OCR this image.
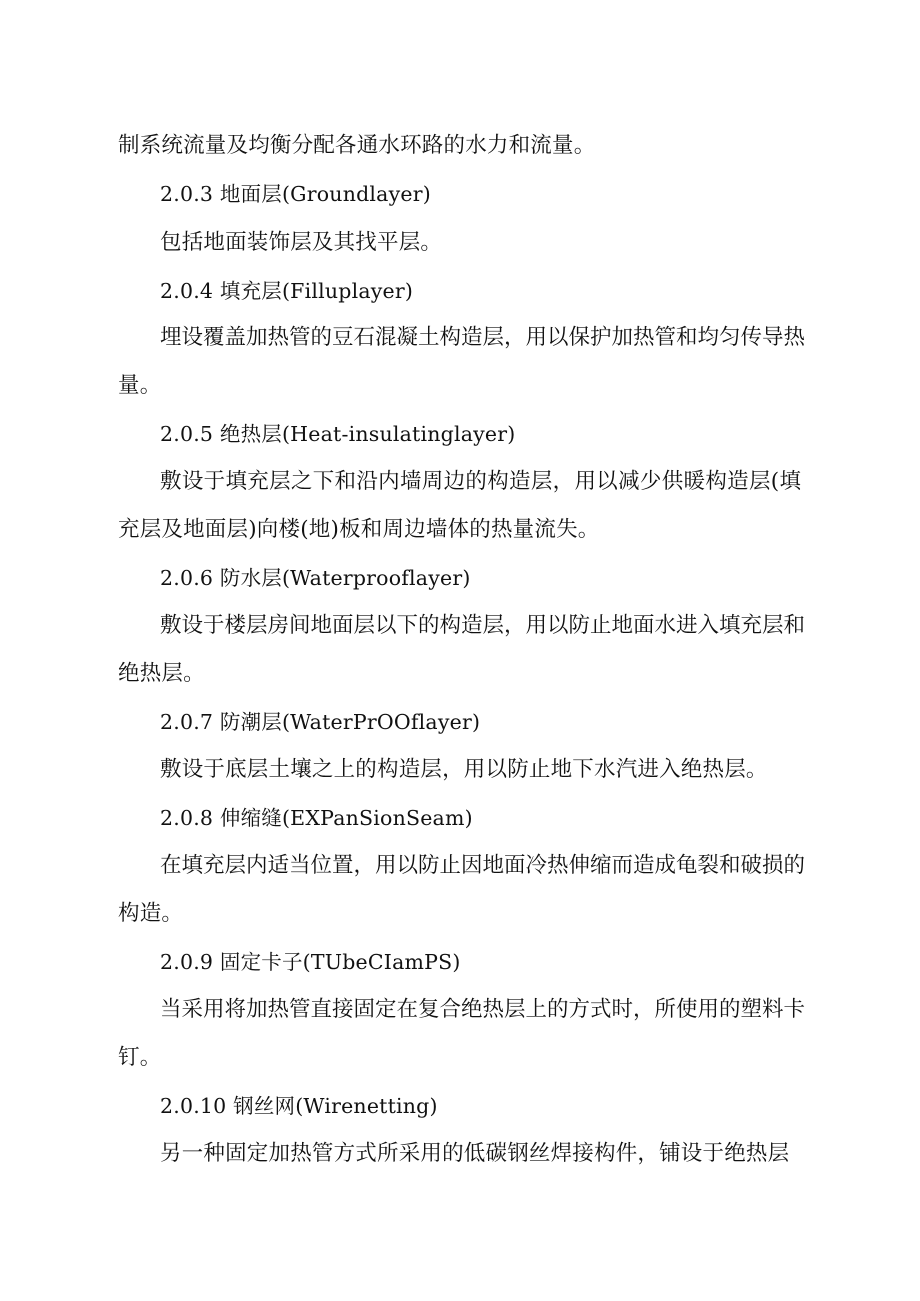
制系统流量及均衡分配各通水环路的水力和流量。
2.0.3 地面层(Groundlayer)
包括地面装饰层及其找平层。
2.0.4 填充层(Filluplayer)
埋设覆盖加热管的豆石混凝土构造层，用以保护加热管和均匀传导热
量。
2.0.5 绝热层(Heat-insulatinglayer)
敷设于填充层之下和沿内墙周边的构造层，用以减少供暖构造层(填
充层及地面层)向楼(地)板和周边墙体的热量流失。
2.0.6 防水层(Waterprooflayer)
敷设于楼层房间地面层以下的构造层，用以防止地面水进入填充层和
绝热层。
2.0.7 防潮层(WaterPrOOflayer)
敷设于底层土壤之上的构造层，用以防止地下水汽进入绝热层。
2.0.8 伸缩缝(EXPanSionSeam)
在填充层内适当位置，用以防止因地面冷热伸缩而造成龟裂和破损的
构造。
2.0.9 固定卡子(TUbeCIamPS)
当采用将加热管直接固定在复合绝热层上的方式时，所使用的塑料卡
钉。
2.0.10 钢丝网(Wirenetting)
另一种固定加热管方式所采用的低碳钢丝焊接构件，铺设于绝热层
